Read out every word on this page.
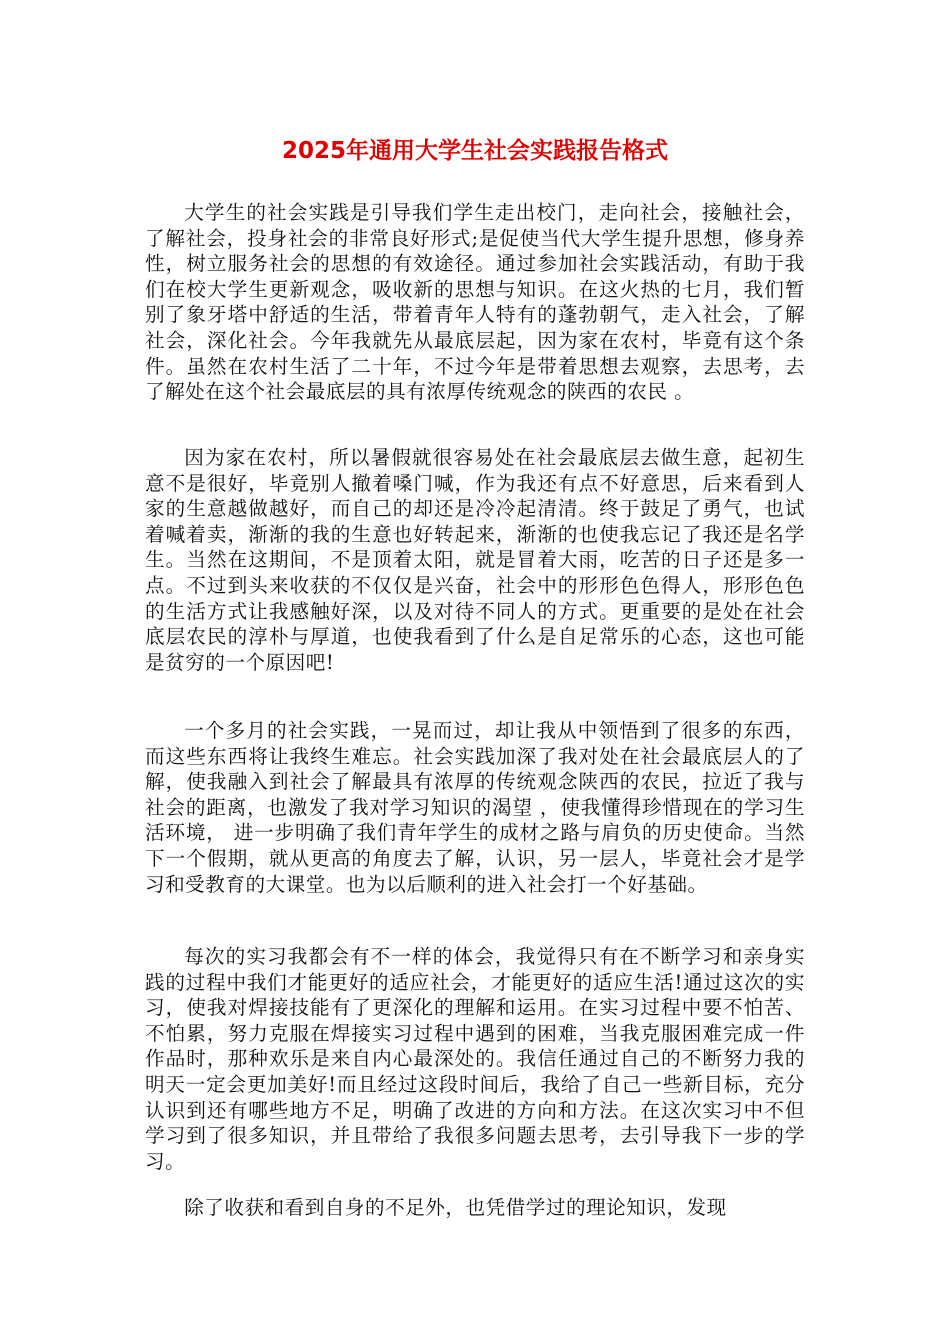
2025年通用大学生社会实践报告格式

大学生的社会实践是引导我们学生走出校门，走向社会，接触社会，了解社会，投身社会的非常良好形式;是促使当代大学生提升思想，修身养性，树立服务社会的思想的有效途径。通过参加社会实践活动，有助于我们在校大学生更新观念，吸收新的思想与知识。在这火热的七月，我们暂别了象牙塔中舒适的生活，带着青年人特有的蓬勃朝气，走入社会，了解社会，深化社会。今年我就先从最底层起，因为家在农村，毕竟有这个条件。虽然在农村生活了二十年，不过今年是带着思想去观察，去思考，去了解处在这个社会最底层的具有浓厚传统观念的陕西的农民 。

因为家在农村，所以暑假就很容易处在社会最底层去做生意，起初生意不是很好，毕竟别人撤着嗓门喊，作为我还有点不好意思，后来看到人家的生意越做越好，而自己的却还是冷冷起清清。终于鼓足了勇气，也试着喊着卖，渐渐的我的生意也好转起来，渐渐的也使我忘记了我还是名学生。当然在这期间，不是顶着太阳，就是冒着大雨，吃苦的日子还是多一点。不过到头来收获的不仅仅是兴奋，社会中的形形色色得人，形形色色的生活方式让我感触好深，以及对待不同人的方式。更重要的是处在社会底层农民的淳朴与厚道，也使我看到了什么是自足常乐的心态，这也可能是贫穷的一个原因吧!

一个多月的社会实践，一晃而过，却让我从中领悟到了很多的东西，而这些东西将让我终生难忘。社会实践加深了我对处在社会最底层人的了解，使我融入到社会了解最具有浓厚的传统观念陕西的农民，拉近了我与社会的距离，也激发了我对学习知识的渴望 ，使我懂得珍惜现在的学习生活环境， 进一步明确了我们青年学生的成材之路与肩负的历史使命。当然下一个假期，就从更高的角度去了解，认识，另一层人，毕竟社会才是学习和受教育的大课堂。也为以后顺利的进入社会打一个好基础。

每次的实习我都会有不一样的体会，我觉得只有在不断学习和亲身实践的过程中我们才能更好的适应社会，才能更好的适应生活!通过这次的实习，使我对焊接技能有了更深化的理解和运用。在实习过程中要不怕苦、不怕累，努力克服在焊接实习过程中遇到的困难，当我克服困难完成一件作品时，那种欢乐是来自内心最深处的。我信任通过自己的不断努力我的明天一定会更加美好!而且经过这段时间后，我给了自己一些新目标，充分认识到还有哪些地方不足，明确了改进的方向和方法。在这次实习中不但学习到了很多知识，并且带给了我很多问题去思考，去引导我下一步的学习。

除了收获和看到自身的不足外，也凭借学过的理论知识，发现
